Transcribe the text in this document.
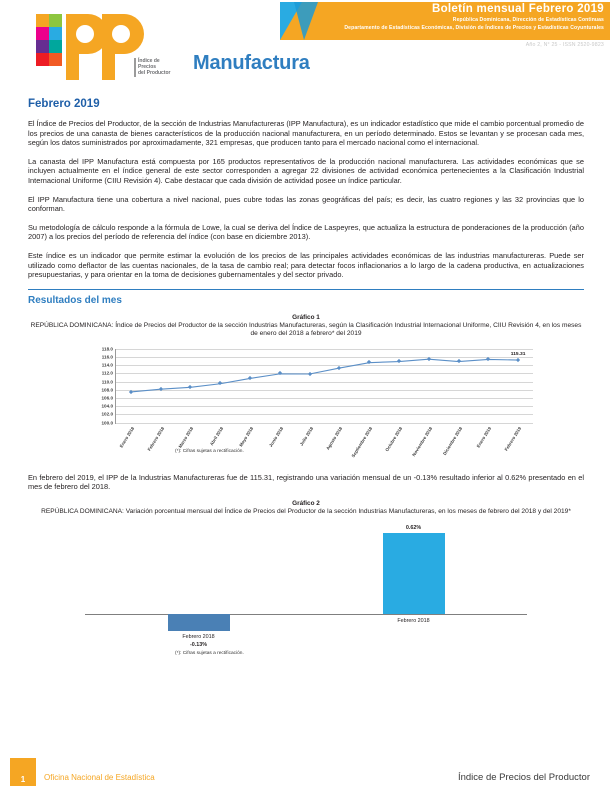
Índice de
Precios
del Productor	Manufactura
Boletín mensual Febrero 2019
República Dominicana, Dirección de Estadísticas Continuas
Departamento de Estadísticas Económicas, División de Índices de Precios y Estadísticas Coyunturales
Año 2, N° 25 - ISSN 2520-9823
Febrero 2019

El Índice de Precios del Productor, de la sección de Industrias Manufactureras (IPP Manufactura), es un indicador estadístico que mide el cambio porcentual promedio de los precios de una canasta de bienes característicos de la producción nacional manufacturera, en un período determinado. Estos se levantan y se procesan cada mes, según los datos suministrados por aproximadamente, 321 empresas, que producen tanto para el mercado nacional como el internacional.

La canasta del IPP Manufactura está compuesta por 165 productos representativos de la producción nacional manufacturera. Las actividades económicas que se incluyen actualmente en el índice general de este sector corresponden a agregar 22 divisiones de actividad económica pertenecientes a la Clasificación Industrial Internacional Uniforme (CIIU Revisión 4). Cabe destacar que cada división de actividad posee un índice particular.

El IPP Manufactura tiene una cobertura a nivel nacional, pues cubre todas las zonas geográficas del país; es decir, las cuatro regiones y las 32 provincias que lo conforman.

Su metodología de cálculo responde a la fórmula de Lowe, la cual se deriva del Índice de Laspeyres, que actualiza la estructura de ponderaciones de la producción (año 2007) a los precios del período de referencia del índice (con base en diciembre 2013).

Este índice es un indicador que permite estimar la evolución de los precios de las principales actividades económicas de las industrias manufactureras. Puede ser utilizado como deflactor de las cuentas nacionales, de la tasa de cambio real; para detectar focos inflacionarios a lo largo de la cadena productiva, en actualizaciones presupuestarias, y para orientar en la toma de decisiones gubernamentales y del sector privado.

Resultados del mes
Gráfico 1
REPÚBLICA DOMINICANA: Índice de Precios del Productor de la sección Industrias Manufactureras, según la Clasificación Industrial Internacional Uniforme, CIIU Revisión 4, en los meses de enero del 2018 a febrero* del 2019
118.0
116.0
114.0
112.0
110.0
108.0
106.0
104.0
102.0
100.0
Enero 2018	Febrero 2018	Marzo 2018	Abril 2018	Mayo 2018	Junio 2018	Julio 2018	Agosto 2018 Septiembre 2018 Octubre 2018 Noviembre 2018 Diciembre 2018	Enero 2019
115.31
Febrero 2019
(*): Cifras sujetas a rectificación.

En febrero del 2019, el IPP de la Industrias Manufactureras fue de 115.31, registrando una variación mensual de un -0.13% resultado inferior al 0.62% presentado en el mes de febrero del 2018.

Gráfico 2
REPÚBLICA DOMINICANA: Variación porcentual mensual del Índice de Precios del Productor de la sección Industrias Manufactureras, en los meses de febrero del 2018 y del 2019*
(*): Cifras sujetas a rectificación.
Febrero 2018
-0.13%
0.62%
Febrero 2018
1	Oficina Nacional de Estadística	Índice de Precios del Productor
